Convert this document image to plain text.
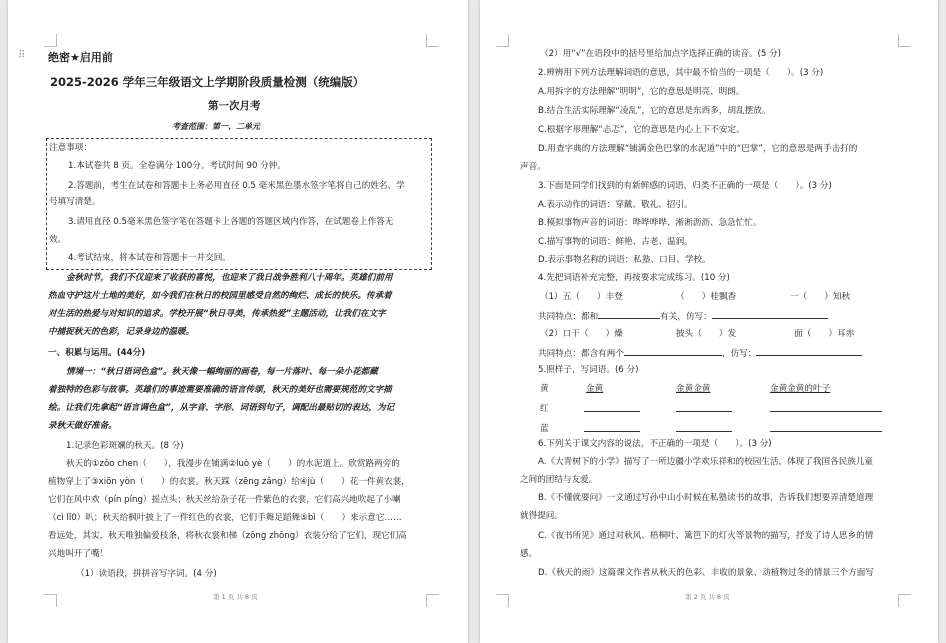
⠿ 绝密★启用前
2025-2026 学年三年级语文上学期阶段质量检测（统编版）
第一次月考
考查范围：第一、二单元
注意事项：
1.本试卷共 8 页。全卷满分 100分。考试时间 90 分钟。
2.答题前，考生在试卷和答题卡上务必用直径 0.5 毫米黑色墨水签字笔将自己的姓名、学
号填写清楚。
3.请用直径 0.5毫米黑色签字笔在答题卡上各题的答题区域内作答，在试题卷上作答无
效。
4.考试结束，将本试卷和答题卡一并交回。
金秋时节，我们不仅迎来了收获的喜悦，也迎来了我日战争胜利八十周年。英雄们前用
热血守护这片土地的美好，如今我们在秋日的校园里感受自然的绚烂、成长的快乐。传承着
对生活的热爱与对知识的追求。学校开展“秋日寻美，传承热爱”主题活动，让我们在文字
中捕捉秋天的色彩，记录身边的温暖。
一、积累与运用。(44分)
情境一：“秋日语词色盒”。秋天像一幅绚丽的画卷，每一片落叶、每一朵小花都藏
着独特的色彩与故事。英雄们的事迹需要准确的语言传颂，秋天的美好也需要规范的文字描
绘。让我们先拿起“语言调色盒”，从字音、字形、词语到句子，调配出最贴切的表达，为记
录秋天做好准备。
1.记录色彩斑斓的秋天。(8 分)
秋天的①zǒo chen（　　），我漫步在铺满②luò yè（　　）的水泥道上。欣赏路两旁的
植物穿上了③xiōn yòn（　　）的衣裳。秋天踩（zēng zǎng）给④jù（　　）花一件黄衣裳，
它们在风中欢（pín píng）摇点头；秋天丝给杂子花一件紫色的衣裳，它们高兴地吹起了小喇
（cì lǐ0）叭；秋天给枫叶披上了一件红色的衣裳，它们手舞足蹈舞⑤bì（　　）来示意它……
看远处，其实，秋天唯独偏爱枝条，将秋衣裳和梯（zōng zhōng）衣装分给了它们，现它们高
兴地叫开了嘴！
（1）读语段，拼拼音写字词。(4 分)
第 1 页 共 8 页
（2）用“√”在语段中的括号里给加点字选择正确的读音。(5 分)
2.辨辨用下列方法理解词语的意思，其中最不恰当的一项是（　　）。(3 分)
A.用拆字的方法理解“明明”，它的意思是明亮、明朗。
B.结合生活实际理解“凌乱”，它的意思是东西多，胡乱摆放。
C.根据字形理解“忐忑”，它的意思是内心上下不安定。
D.用查字典的方法理解“铺满金色巴掌的水泥道”中的“巴掌”，它的意思是两手击打的
声音。
3.下面是同学们找到的有新鲜感的词语，归类不正确的一项是（　　）。(3 分)
A.表示动作的词语：穿戴、敬礼、招引。
B.模拟事物声音的词语：哗哗哗哗、淅淅沥沥、急急忙忙。
C.描写事物的词语：鲜艳、古老、温润。
D.表示事物名称的词语：私塾、口目、学校。
4.先把词语补充完整，再按要求完成练习。(10 分)
（1）五（　　）丰登	（　　）桂飘香	一（　　）知秋
共同特点：都和	有关，仿写：
（2）口干（　　）燥	披头（　　）发	面（　　）耳赤
共同特点：都含有两个	，仿写：
5.照样子，写词语。(6 分)
黄	金黄	金黄金黄	金黄金黄的叶子
红
蓝
6.下列关于课文内容的说法，不正确的一项是（　　）。(3 分)
A.《大青树下的小学》描写了一所边疆小学欢乐祥和的校园生活，体现了我国各民族儿童
之间的团结与友爱。
B.《不懂就要问》一文通过写孙中山小时候在私塾读书的故事，告诉我们想要弄清楚道理
就得提问。
C.《夜书所见》通过对秋风、梧桐叶、篱笆下的灯火等景物的描写，抒发了诗人思乡的情
感。
D.《秋天的雨》这篇课文作者从秋天的色彩、丰收的景象、动植物过冬的情景三个方面写
第 2 页 共 8 页
